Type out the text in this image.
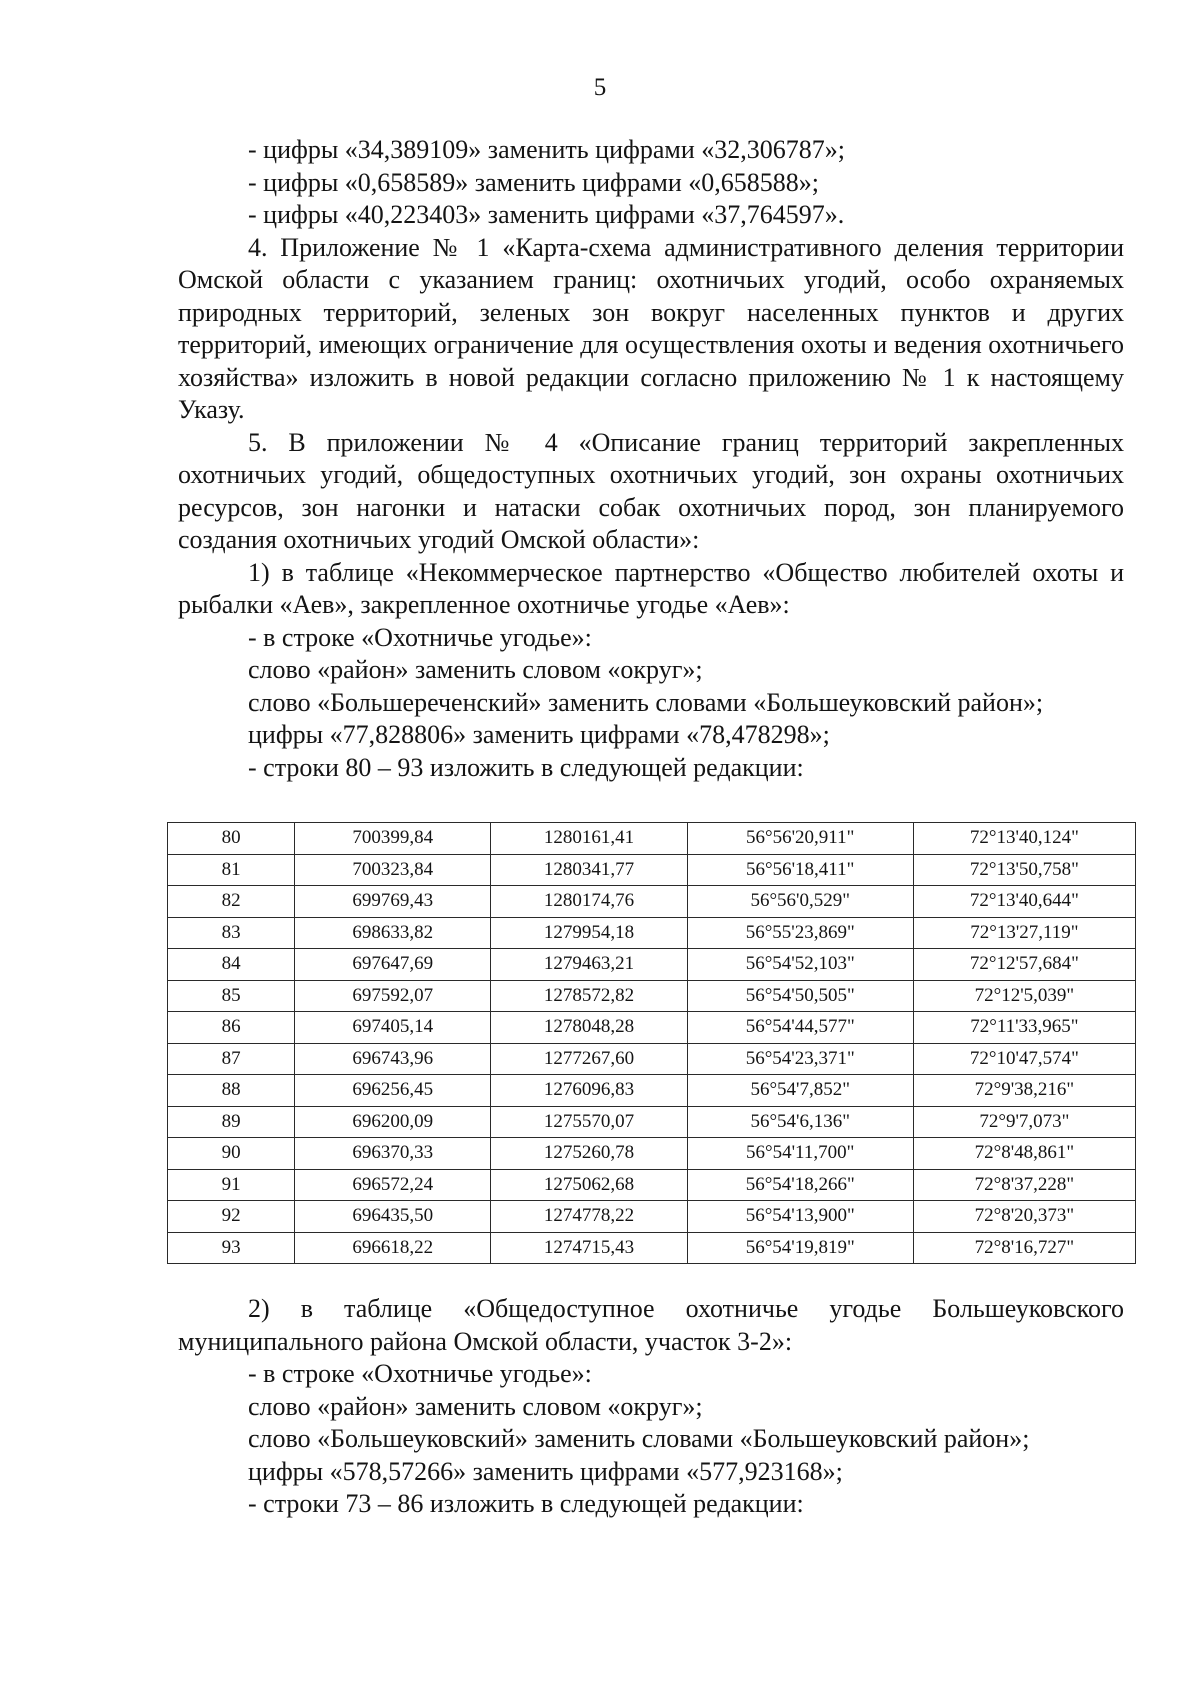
5
- цифры «34,389109» заменить цифрами «32,306787»;
- цифры «0,658589» заменить цифрами «0,658588»;
- цифры «40,223403» заменить цифрами «37,764597».
4. Приложение № 1 «Карта-схема административного деления территории Омской области с указанием границ: охотничьих угодий, особо охраняемых природных территорий, зеленых зон вокруг населенных пунктов и других территорий, имеющих ограничение для осуществления охоты и ведения охотничьего хозяйства» изложить в новой редакции согласно приложению № 1 к настоящему Указу.
5. В приложении № 4 «Описание границ территорий закрепленных охотничьих угодий, общедоступных охотничьих угодий, зон охраны охотничьих ресурсов, зон нагонки и натаски собак охотничьих пород, зон планируемого создания охотничьих угодий Омской области»:
1) в таблице «Некоммерческое партнерство «Общество любителей охоты и рыбалки «Аев», закрепленное охотничье угодье «Аев»:
- в строке «Охотничье угодье»:
слово «район» заменить словом «округ»;
слово «Большереченский» заменить словами «Большеуковский район»;
цифры «77,828806» заменить цифрами «78,478298»;
- строки 80 – 93 изложить в следующей редакции:
80	700399,84	1280161,41	56°56'20,911"	72°13'40,124"
81	700323,84	1280341,77	56°56'18,411"	72°13'50,758"
82	699769,43	1280174,76	56°56'0,529"	72°13'40,644"
83	698633,82	1279954,18	56°55'23,869"	72°13'27,119"
84	697647,69	1279463,21	56°54'52,103"	72°12'57,684"
85	697592,07	1278572,82	56°54'50,505"	72°12'5,039"
86	697405,14	1278048,28	56°54'44,577"	72°11'33,965"
87	696743,96	1277267,60	56°54'23,371"	72°10'47,574"
88	696256,45	1276096,83	56°54'7,852"	72°9'38,216"
89	696200,09	1275570,07	56°54'6,136"	72°9'7,073"
90	696370,33	1275260,78	56°54'11,700"	72°8'48,861"
91	696572,24	1275062,68	56°54'18,266"	72°8'37,228"
92	696435,50	1274778,22	56°54'13,900"	72°8'20,373"
93	696618,22	1274715,43	56°54'19,819"	72°8'16,727"
2) в таблице «Общедоступное охотничье угодье Большеуковского муниципального района Омской области, участок 3-2»:
- в строке «Охотничье угодье»:
слово «район» заменить словом «округ»;
слово «Большеуковский» заменить словами «Большеуковский район»;
цифры «578,57266» заменить цифрами «577,923168»;
- строки 73 – 86 изложить в следующей редакции:
